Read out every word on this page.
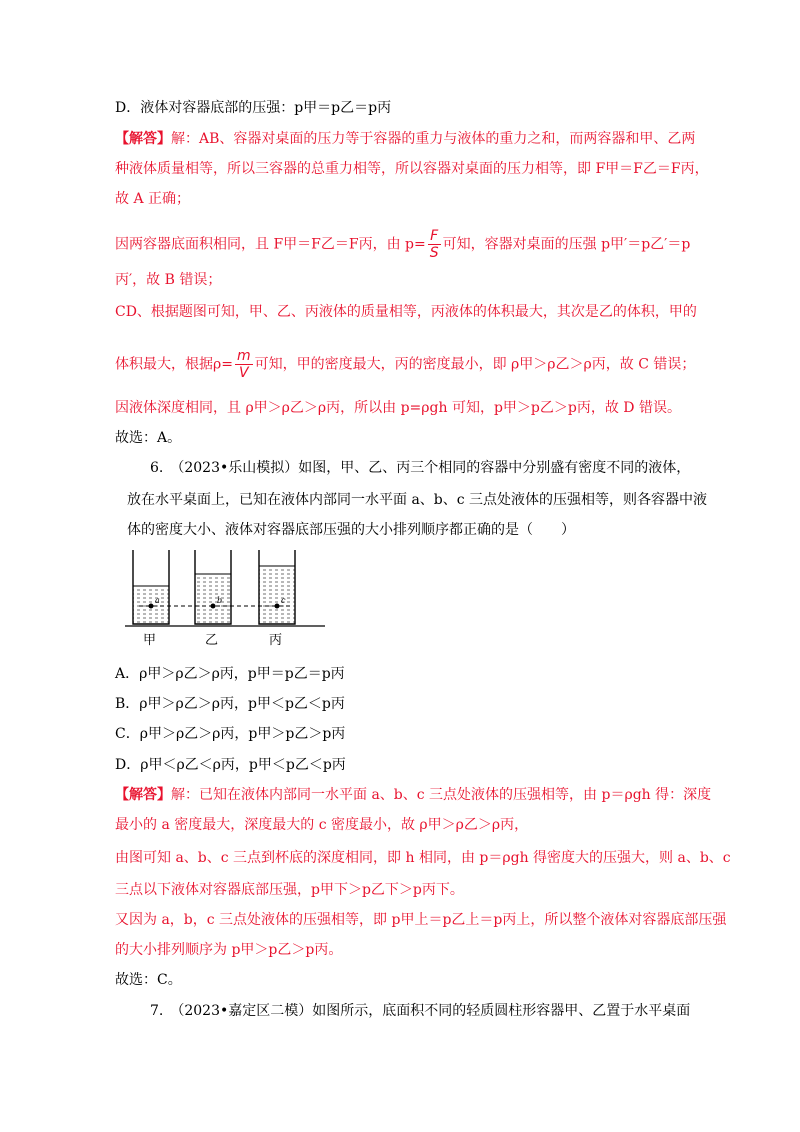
D．液体对容器底部的压强：p甲＝p乙＝p丙
【解答】解：AB、容器对桌面的压力等于容器的重力与液体的重力之和，而两容器和甲、乙两
种液体质量相等，所以三容器的总重力相等，所以容器对桌面的压力相等，即 F甲＝F乙＝F丙，
故 A 正确；
因两容器底面积相同，且 F甲＝F乙＝F丙，由 $p= \frac{F}{S}$ 可知，容器对桌面的压强 p甲′＝p乙′＝p
丙′，故 B 错误；
CD、根据题图可知，甲、乙、丙液体的质量相等，丙液体的体积最大，其次是乙的体积，甲的
体积最大，根据$\rho= \frac{m}{V}$ 可知，甲的密度最大，丙的密度最小，即 ρ甲＞ρ乙＞ρ丙，故 C 错误；
因液体深度相同，且 ρ甲＞ρ乙＞ρ丙，所以由 p=ρgh 可知，p甲＞p乙＞p丙，故 D 错误。
故选：A。
6.　（2023•乐山模拟）如图，甲、乙、丙三个相同的容器中分别盛有密度不同的液体，
放在水平桌面上，已知在液体内部同一水平面 a、b、c 三点处液体的压强相等，则各容器中液
体的密度大小、液体对容器底部压强的大小排列顺序都正确的是（　　）
a	b	c
甲	乙	丙
A．ρ甲＞ρ乙＞ρ丙，p甲＝p乙＝p丙
B．ρ甲＞ρ乙＞ρ丙，p甲＜p乙＜p丙
C．ρ甲＞ρ乙＞ρ丙，p甲＞p乙＞p丙
D．ρ甲＜ρ乙＜ρ丙，p甲＜p乙＜p丙
【解答】解：已知在液体内部同一水平面 a、b、c 三点处液体的压强相等，由 p＝ρgh 得：深度
最小的 a 密度最大，深度最大的 c 密度最小，故 ρ甲＞ρ乙＞ρ丙，
由图可知 a、b、c 三点到杯底的深度相同，即 h 相同，由 p＝ρgh 得密度大的压强大，则 a、b、c
三点以下液体对容器底部压强，p甲下＞p乙下＞p丙下。
又因为 a，b，c 三点处液体的压强相等，即 p甲上＝p乙上＝p丙上，所以整个液体对容器底部压强
的大小排列顺序为 p甲＞p乙＞p丙。
故选：C。
7.　（2023•嘉定区二模）如图所示，底面积不同的轻质圆柱形容器甲、乙置于水平桌面
